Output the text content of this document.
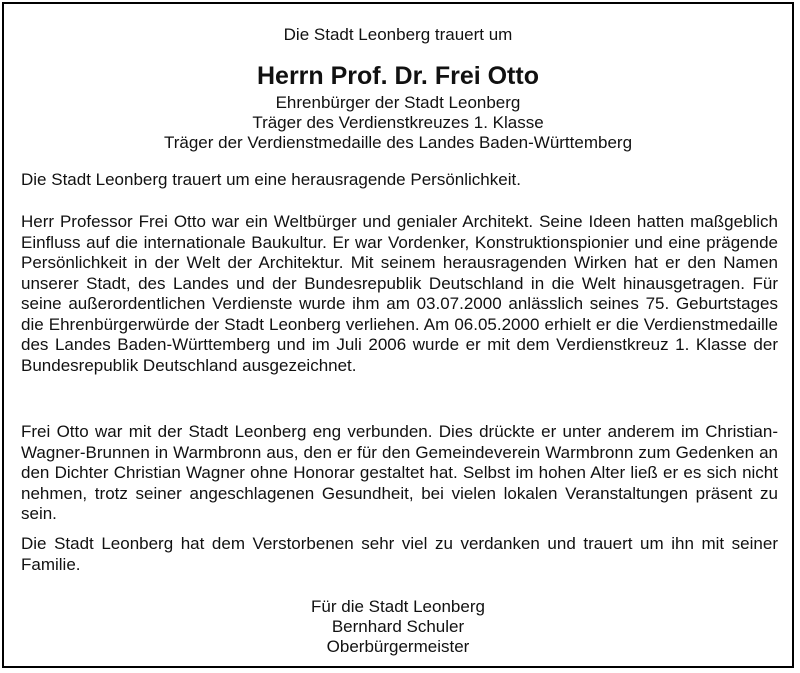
Die Stadt Leonberg trauert um
Herrn Prof. Dr. Frei Otto
Ehrenbürger der Stadt Leonberg
Träger des Verdienstkreuzes 1. Klasse
Träger der Verdienstmedaille des Landes Baden-Württemberg

Die Stadt Leonberg trauert um eine herausragende Persönlichkeit.

Herr Professor Frei Otto war ein Weltbürger und genialer Architekt. Seine Ideen hatten maßgeblich Einfluss auf die internationale Baukultur. Er war Vordenker, Konstruktionspionier und eine prägende Persönlichkeit in der Welt der Architektur. Mit seinem herausragenden Wirken hat er den Namen unserer Stadt, des Landes und der Bundesrepublik Deutschland in die Welt hinausgetragen. Für seine außerordentlichen Verdienste wurde ihm am 03.07.2000 anlässlich seines 75. Geburtstages die Ehrenbürgerwürde der Stadt Leonberg verliehen. Am 06.05.2000 erhielt er die Verdienstmedaille des Landes Baden-Württemberg und im Juli 2006 wurde er mit dem Verdienstkreuz 1. Klasse der Bundesrepublik Deutschland ausgezeichnet.

Frei Otto war mit der Stadt Leonberg eng verbunden. Dies drückte er unter anderem im Christian-Wagner-Brunnen in Warmbronn aus, den er für den Gemeindeverein Warmbronn zum Gedenken an den Dichter Christian Wagner ohne Honorar gestaltet hat. Selbst im hohen Alter ließ er es sich nicht nehmen, trotz seiner angeschlagenen Gesundheit, bei vielen lokalen Veranstaltungen präsent zu sein.

Die Stadt Leonberg hat dem Verstorbenen sehr viel zu verdanken und trauert um ihn mit seiner Familie.

Für die Stadt Leonberg
Bernhard Schuler
Oberbürgermeister
